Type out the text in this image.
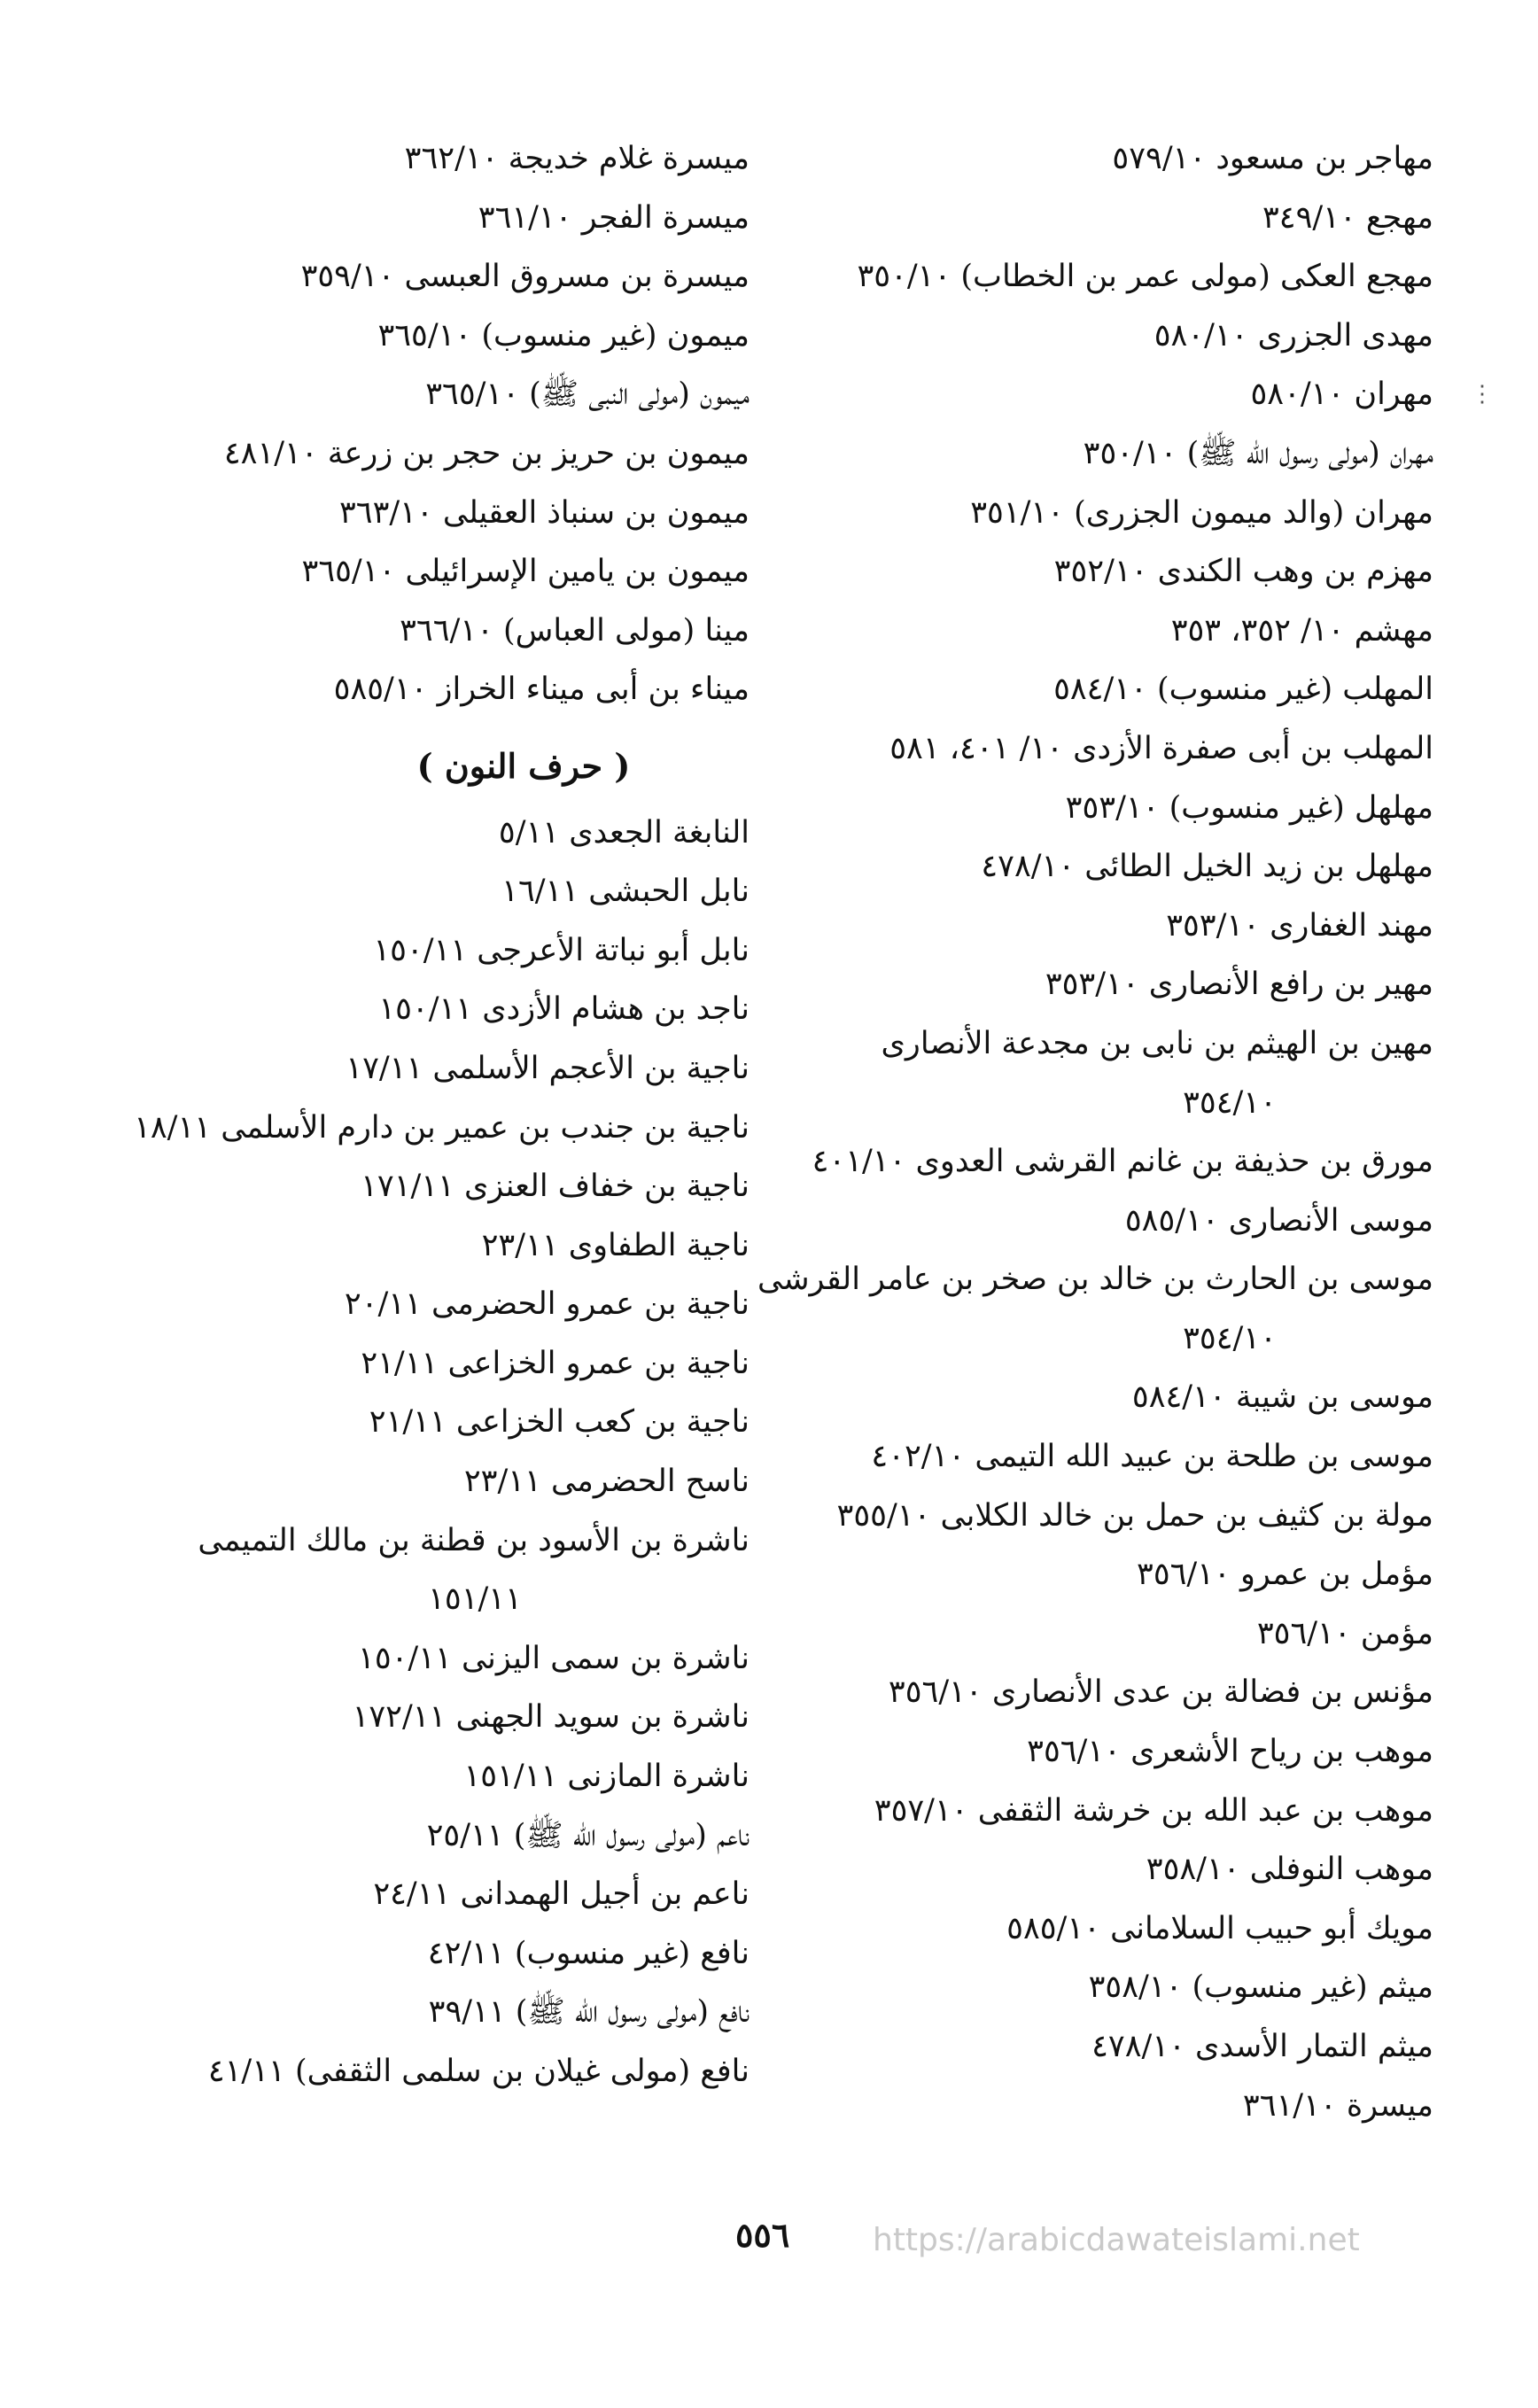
مهاجر بن مسعود ٥٧٩/١٠
مهجع ٣٤٩/١٠
مهجع العكى (مولى عمر بن الخطاب) ٣٥٠/١٠
مهدى الجزرى ٥٨٠/١٠
مهران ٥٨٠/١٠
مهران (مولى رسول الله ﷺ) ٣٥٠/١٠
مهران (والد ميمون الجزرى) ٣٥١/١٠
مهزم بن وهب الكندى ٣٥٢/١٠
مهشم ١٠/ ٣٥٢، ٣٥٣
المهلب (غير منسوب) ٥٨٤/١٠
المهلب بن أبى صفرة الأزدى ١٠/ ٤٠١، ٥٨١
مهلهل (غير منسوب) ٣٥٣/١٠
مهلهل بن زيد الخيل الطائى ٤٧٨/١٠
مهند الغفارى ٣٥٣/١٠
مهير بن رافع الأنصارى ٣٥٣/١٠
مهين بن الهيثم بن نابى بن مجدعة الأنصارى
٣٥٤/١٠
مورق بن حذيفة بن غانم القرشى العدوى ٤٠١/١٠
موسى الأنصارى ٥٨٥/١٠
موسى بن الحارث بن خالد بن صخر بن عامر القرشى
٣٥٤/١٠
موسى بن شيبة ٥٨٤/١٠
موسى بن طلحة بن عبيد الله التيمى ٤٠٢/١٠
مولة بن كثيف بن حمل بن خالد الكلابى ٣٥٥/١٠
مؤمل بن عمرو ٣٥٦/١٠
مؤمن ٣٥٦/١٠
مؤنس بن فضالة بن عدى الأنصارى ٣٥٦/١٠
موهب بن رياح الأشعرى ٣٥٦/١٠
موهب بن عبد الله بن خرشة الثقفى ٣٥٧/١٠
موهب النوفلى ٣٥٨/١٠
مويك أبو حبيب السلامانى ٥٨٥/١٠
ميثم (غير منسوب) ٣٥٨/١٠
ميثم التمار الأسدى ٤٧٨/١٠
ميسرة ٣٦١/١٠
ميسرة غلام خديجة ٣٦٢/١٠
ميسرة الفجر ٣٦١/١٠
ميسرة بن مسروق العبسى ٣٥٩/١٠
ميمون (غير منسوب) ٣٦٥/١٠
ميمون (مولى النبى ﷺ) ٣٦٥/١٠
ميمون بن حريز بن حجر بن زرعة ٤٨١/١٠
ميمون بن سنباذ العقيلى ٣٦٣/١٠
ميمون بن يامين الإسرائيلى ٣٦٥/١٠
مينا (مولى العباس) ٣٦٦/١٠
ميناء بن أبى ميناء الخراز ٥٨٥/١٠
( حرف النون )
النابغة الجعدى ٥/١١
نابل الحبشى ١٦/١١
نابل أبو نباتة الأعرجى ١٥٠/١١
ناجد بن هشام الأزدى ١٥٠/١١
ناجية بن الأعجم الأسلمى ١٧/١١
ناجية بن جندب بن عمير بن دارم الأسلمى ١٨/١١
ناجية بن خفاف العنزى ١٧١/١١
ناجية الطفاوى ٢٣/١١
ناجية بن عمرو الحضرمى ٢٠/١١
ناجية بن عمرو الخزاعى ٢١/١١
ناجية بن كعب الخزاعى ٢١/١١
ناسح الحضرمى ٢٣/١١
ناشرة بن الأسود بن قطنة بن مالك التميمى
١٥١/١١
ناشرة بن سمى اليزنى ١٥٠/١١
ناشرة بن سويد الجهنى ١٧٢/١١
ناشرة المازنى ١٥١/١١
ناعم (مولى رسول الله ﷺ) ٢٥/١١
ناعم بن أجيل الهمدانى ٢٤/١١
نافع (غير منسوب) ٤٢/١١
نافع (مولى رسول الله ﷺ) ٣٩/١١
نافع (مولى غيلان بن سلمى الثقفى) ٤١/١١
⋮
٥٥٦	https://arabicdawateislami.net
